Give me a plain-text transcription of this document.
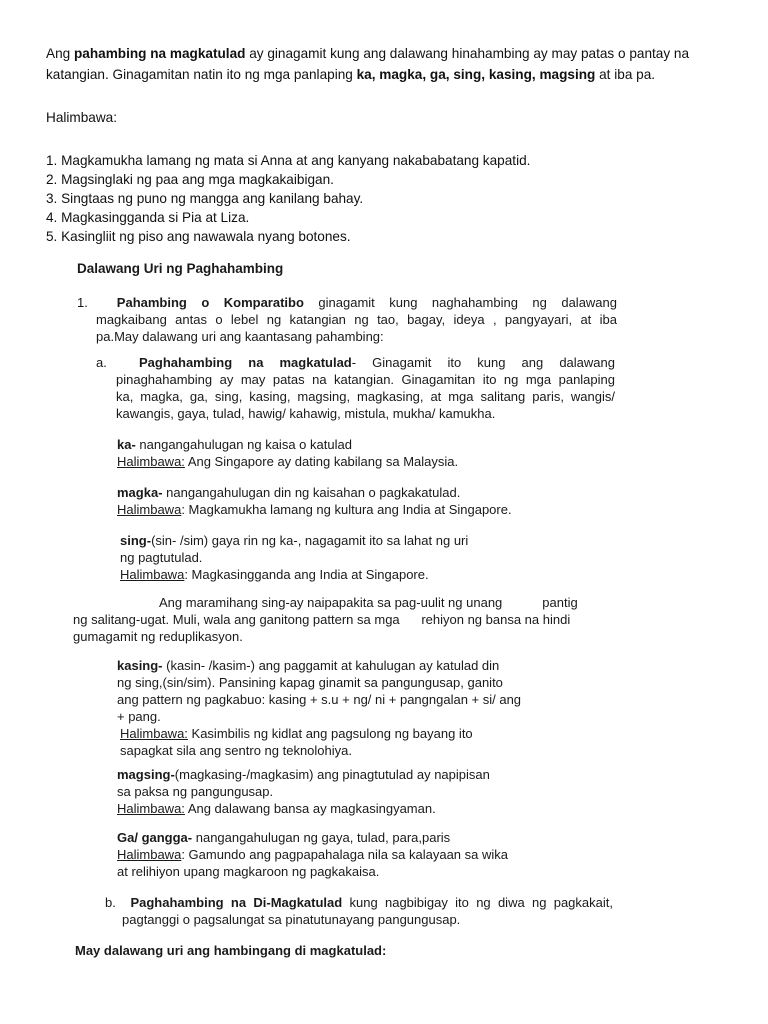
Ang pahambing na magkatulad ay ginagamit kung ang dalawang hinahambing ay may patas o pantay na katangian. Ginagamitan natin ito ng mga panlaping ka, magka, ga, sing, kasing, magsing at iba pa.
Halimbawa:
1. Magkamukha lamang ng mata si Anna at ang kanyang nakababatang kapatid.
2. Magsinglaki ng paa ang mga magkakaibigan.
3. Singtaas ng puno ng mangga ang kanilang bahay.
4. Magkasingganda si Pia at Liza.
5. Kasingliit ng piso ang nawawala nyang botones.
Dalawang Uri ng Paghahambing
1. Pahambing o Komparatibo ginagamit kung naghahambing ng dalawang
magkaibang antas o lebel ng katangian ng tao, bagay, ideya , pangyayari, at iba
pa.May dalawang uri ang kaantasang pahambing:
a. Paghahambing na magkatulad- Ginagamit ito kung ang dalawang
pinaghahambing ay may patas na katangian. Ginagamitan ito ng mga panlaping
ka, magka, ga, sing, kasing, magsing, magkasing, at mga salitang paris, wangis/
kawangis, gaya, tulad, hawig/ kahawig, mistula, mukha/ kamukha.
ka- nangangahulugan ng kaisa o katulad
Halimbawa: Ang Singapore ay dating kabilang sa Malaysia.
magka- nangangahulugan din ng kaisahan o pagkakatulad.
Halimbawa: Magkamukha lamang ng kultura ang India at Singapore.
sing-(sin- /sim) gaya rin ng ka-, nagagamit ito sa lahat ng uri
ng pagtutulad.
Halimbawa: Magkasingganda ang India at Singapore.
Ang maramihang sing-ay naipapakita sa pag-uulit ng unang	pantig
ng salitang-ugat. Muli, wala ang ganitong pattern sa mga      rehiyon ng bansa na hindi
gumagamit ng reduplikasyon.
kasing- (kasin- /kasim-) ang paggamit at kahulugan ay katulad din
ng sing,(sin/sim). Pansining kapag ginamit sa pangungusap, ganito
ang pattern ng pagkabuo: kasing + s.u + ng/ ni + pangngalan + si/ ang
+ pang.
Halimbawa: Kasimbilis ng kidlat ang pagsulong ng bayang ito
sapagkat sila ang sentro ng teknolohiya.
magsing-(magkasing-/magkasim) ang pinagtutulad ay napipisan
sa paksa ng pangungusap.
Halimbawa: Ang dalawang bansa ay magkasingyaman.
Ga/ gangga- nangangahulugan ng gaya, tulad, para,paris
Halimbawa: Gamundo ang pagpapahalaga nila sa kalayaan sa wika
at relihiyon upang magkaroon ng pagkakaisa.
b. Paghahambing na Di-Magkatulad kung nagbibigay ito ng diwa ng pagkakait,
pagtanggi o pagsalungat sa pinatutunayang pangungusap.
May dalawang uri ang hambingang di magkatulad:
